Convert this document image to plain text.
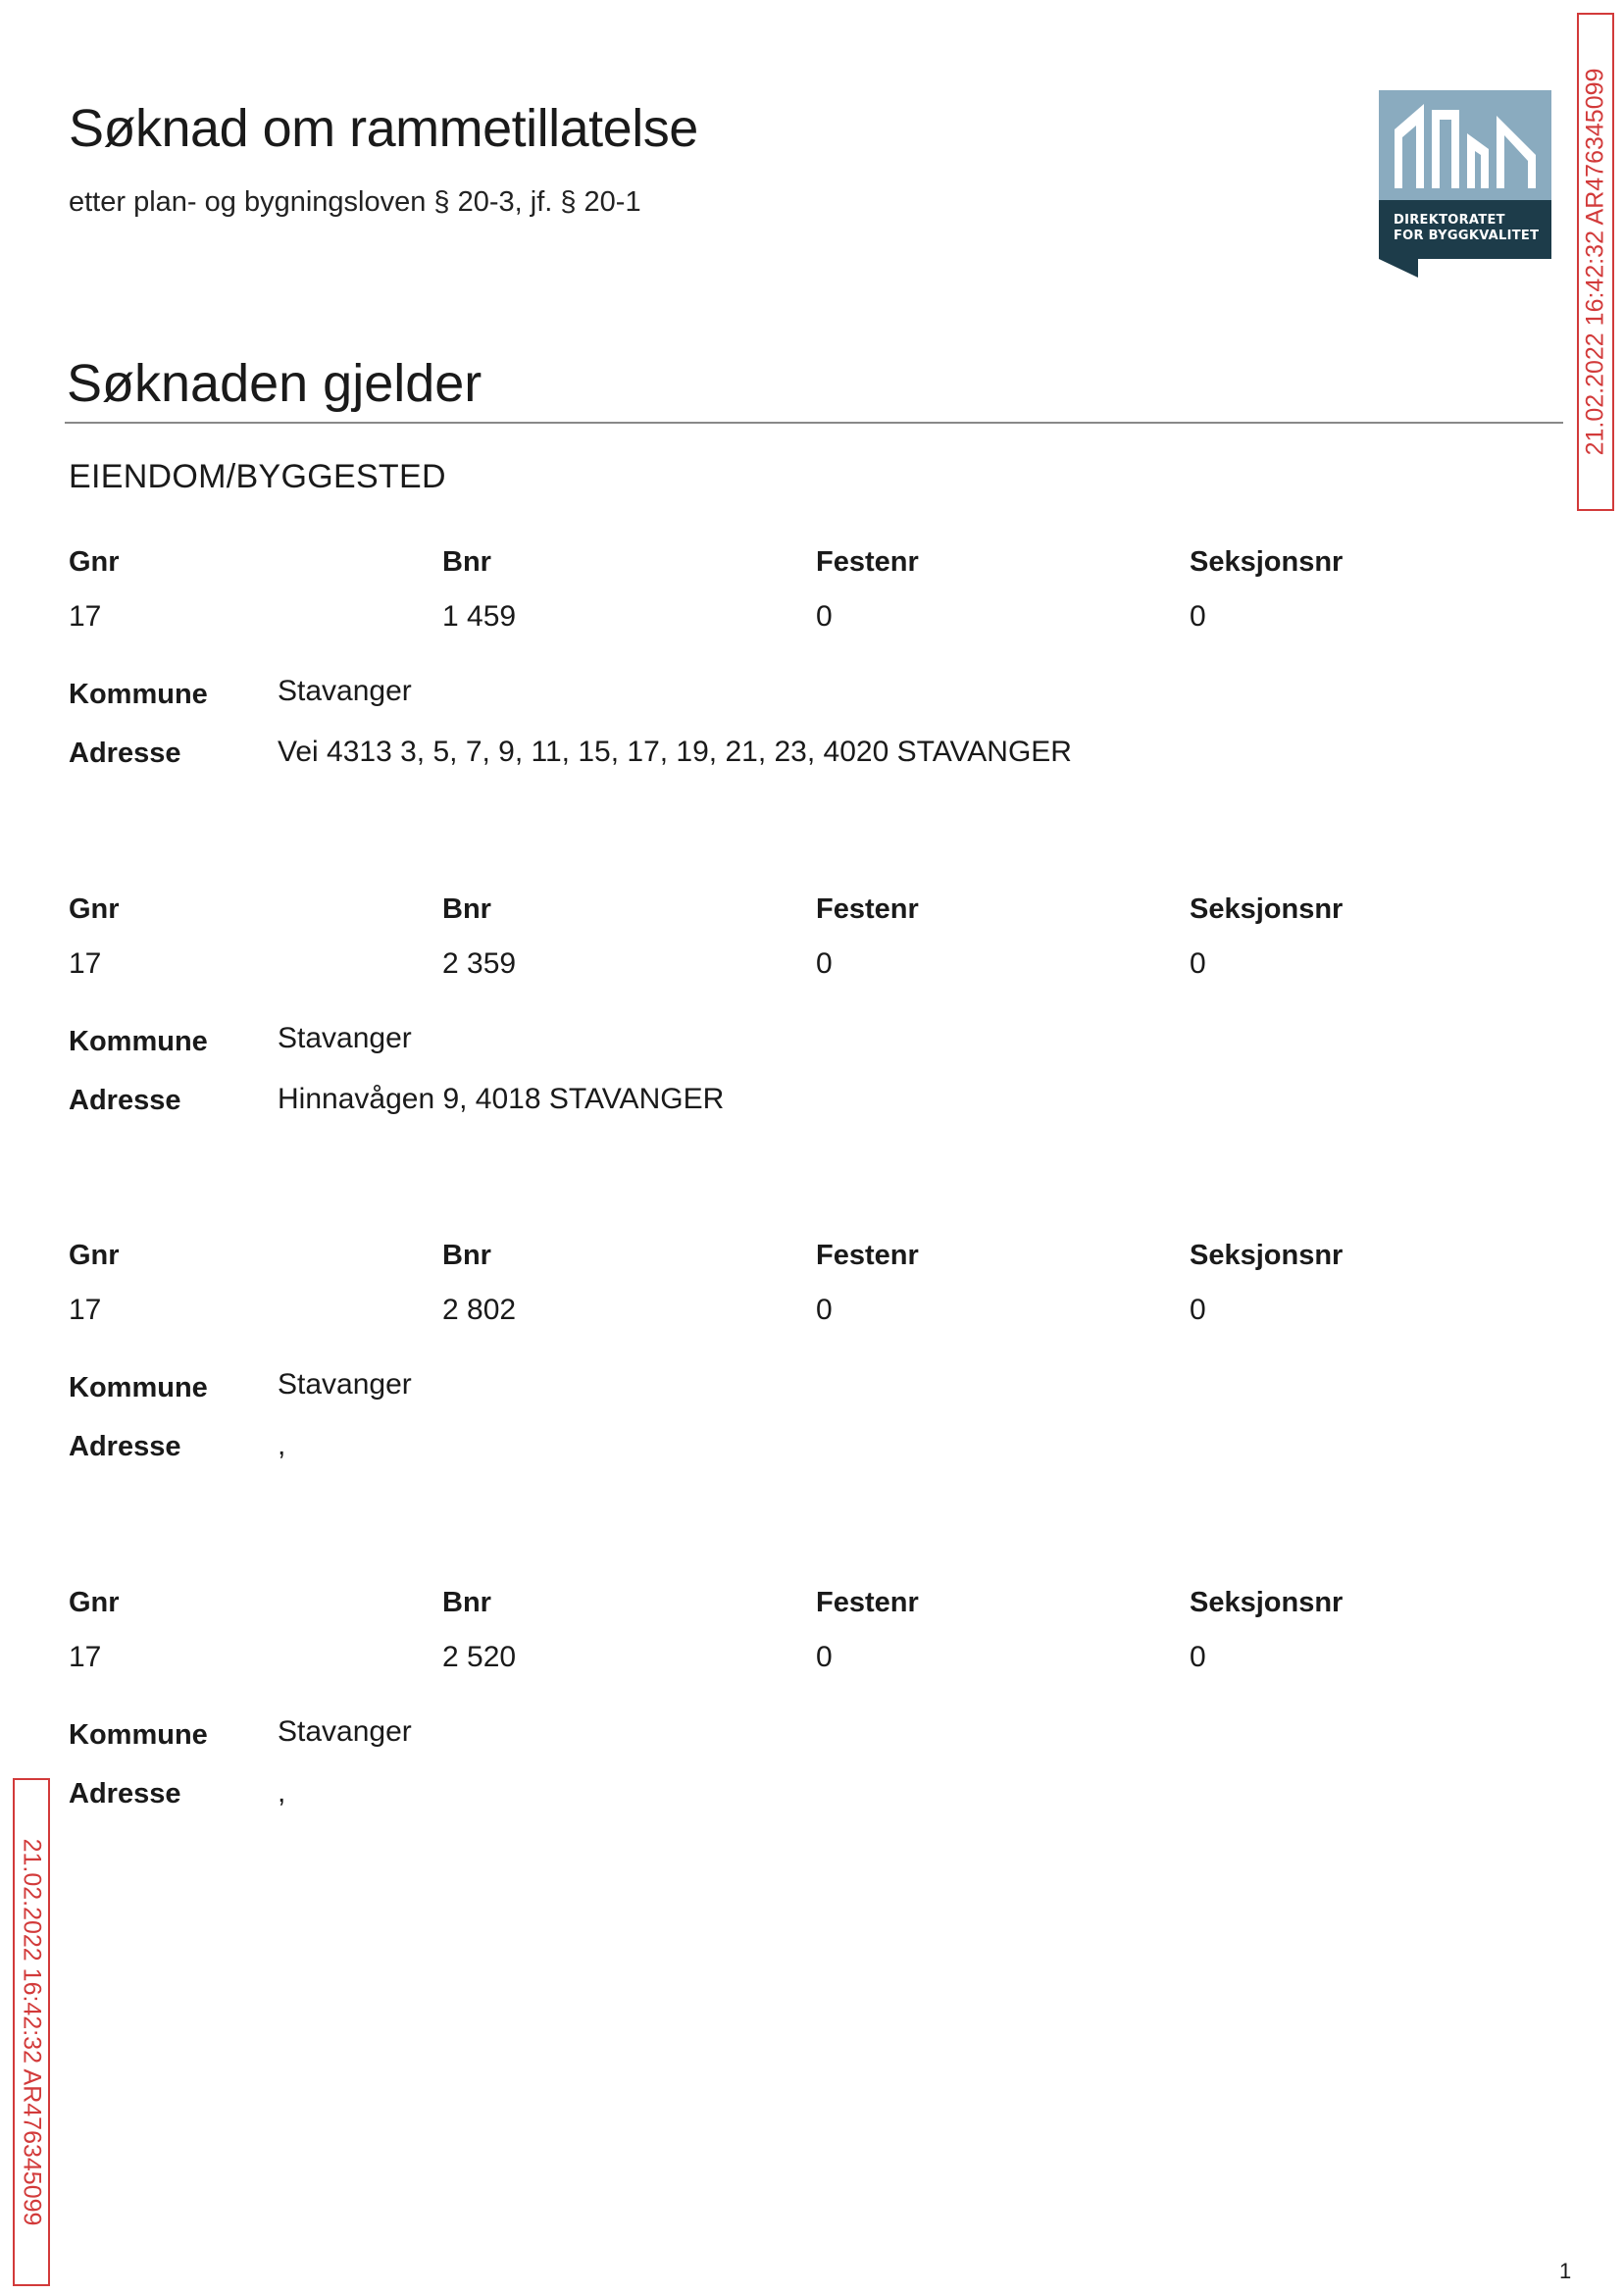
Søknad om rammetillatelse
etter plan- og bygningsloven § 20-3, jf. § 20-1
DIREKTORATET
FOR BYGGKVALITET 21.02.2022 16:42:32 AR476345099
21.02.2022 16:42:32 AR476345099
Søknaden gjelder
EIENDOM/BYGGESTED
Gnr	Bnr	Festenr	Seksjonsnr
17	1 459	0	0
Kommune Stavanger
Adresse	Vei 4313 3, 5, 7, 9, 11, 15, 17, 19, 21, 23, 4020 STAVANGER
Gnr	Bnr	Festenr	Seksjonsnr
17	2 359	0	0
Kommune Stavanger
Adresse	Hinnavågen 9, 4018 STAVANGER
Gnr	Bnr	Festenr	Seksjonsnr
17	2 802	0	0
Kommune Stavanger
Adresse	,
Gnr	Bnr	Festenr	Seksjonsnr
17	2 520	0	0
Kommune Stavanger
Adresse	,
1
